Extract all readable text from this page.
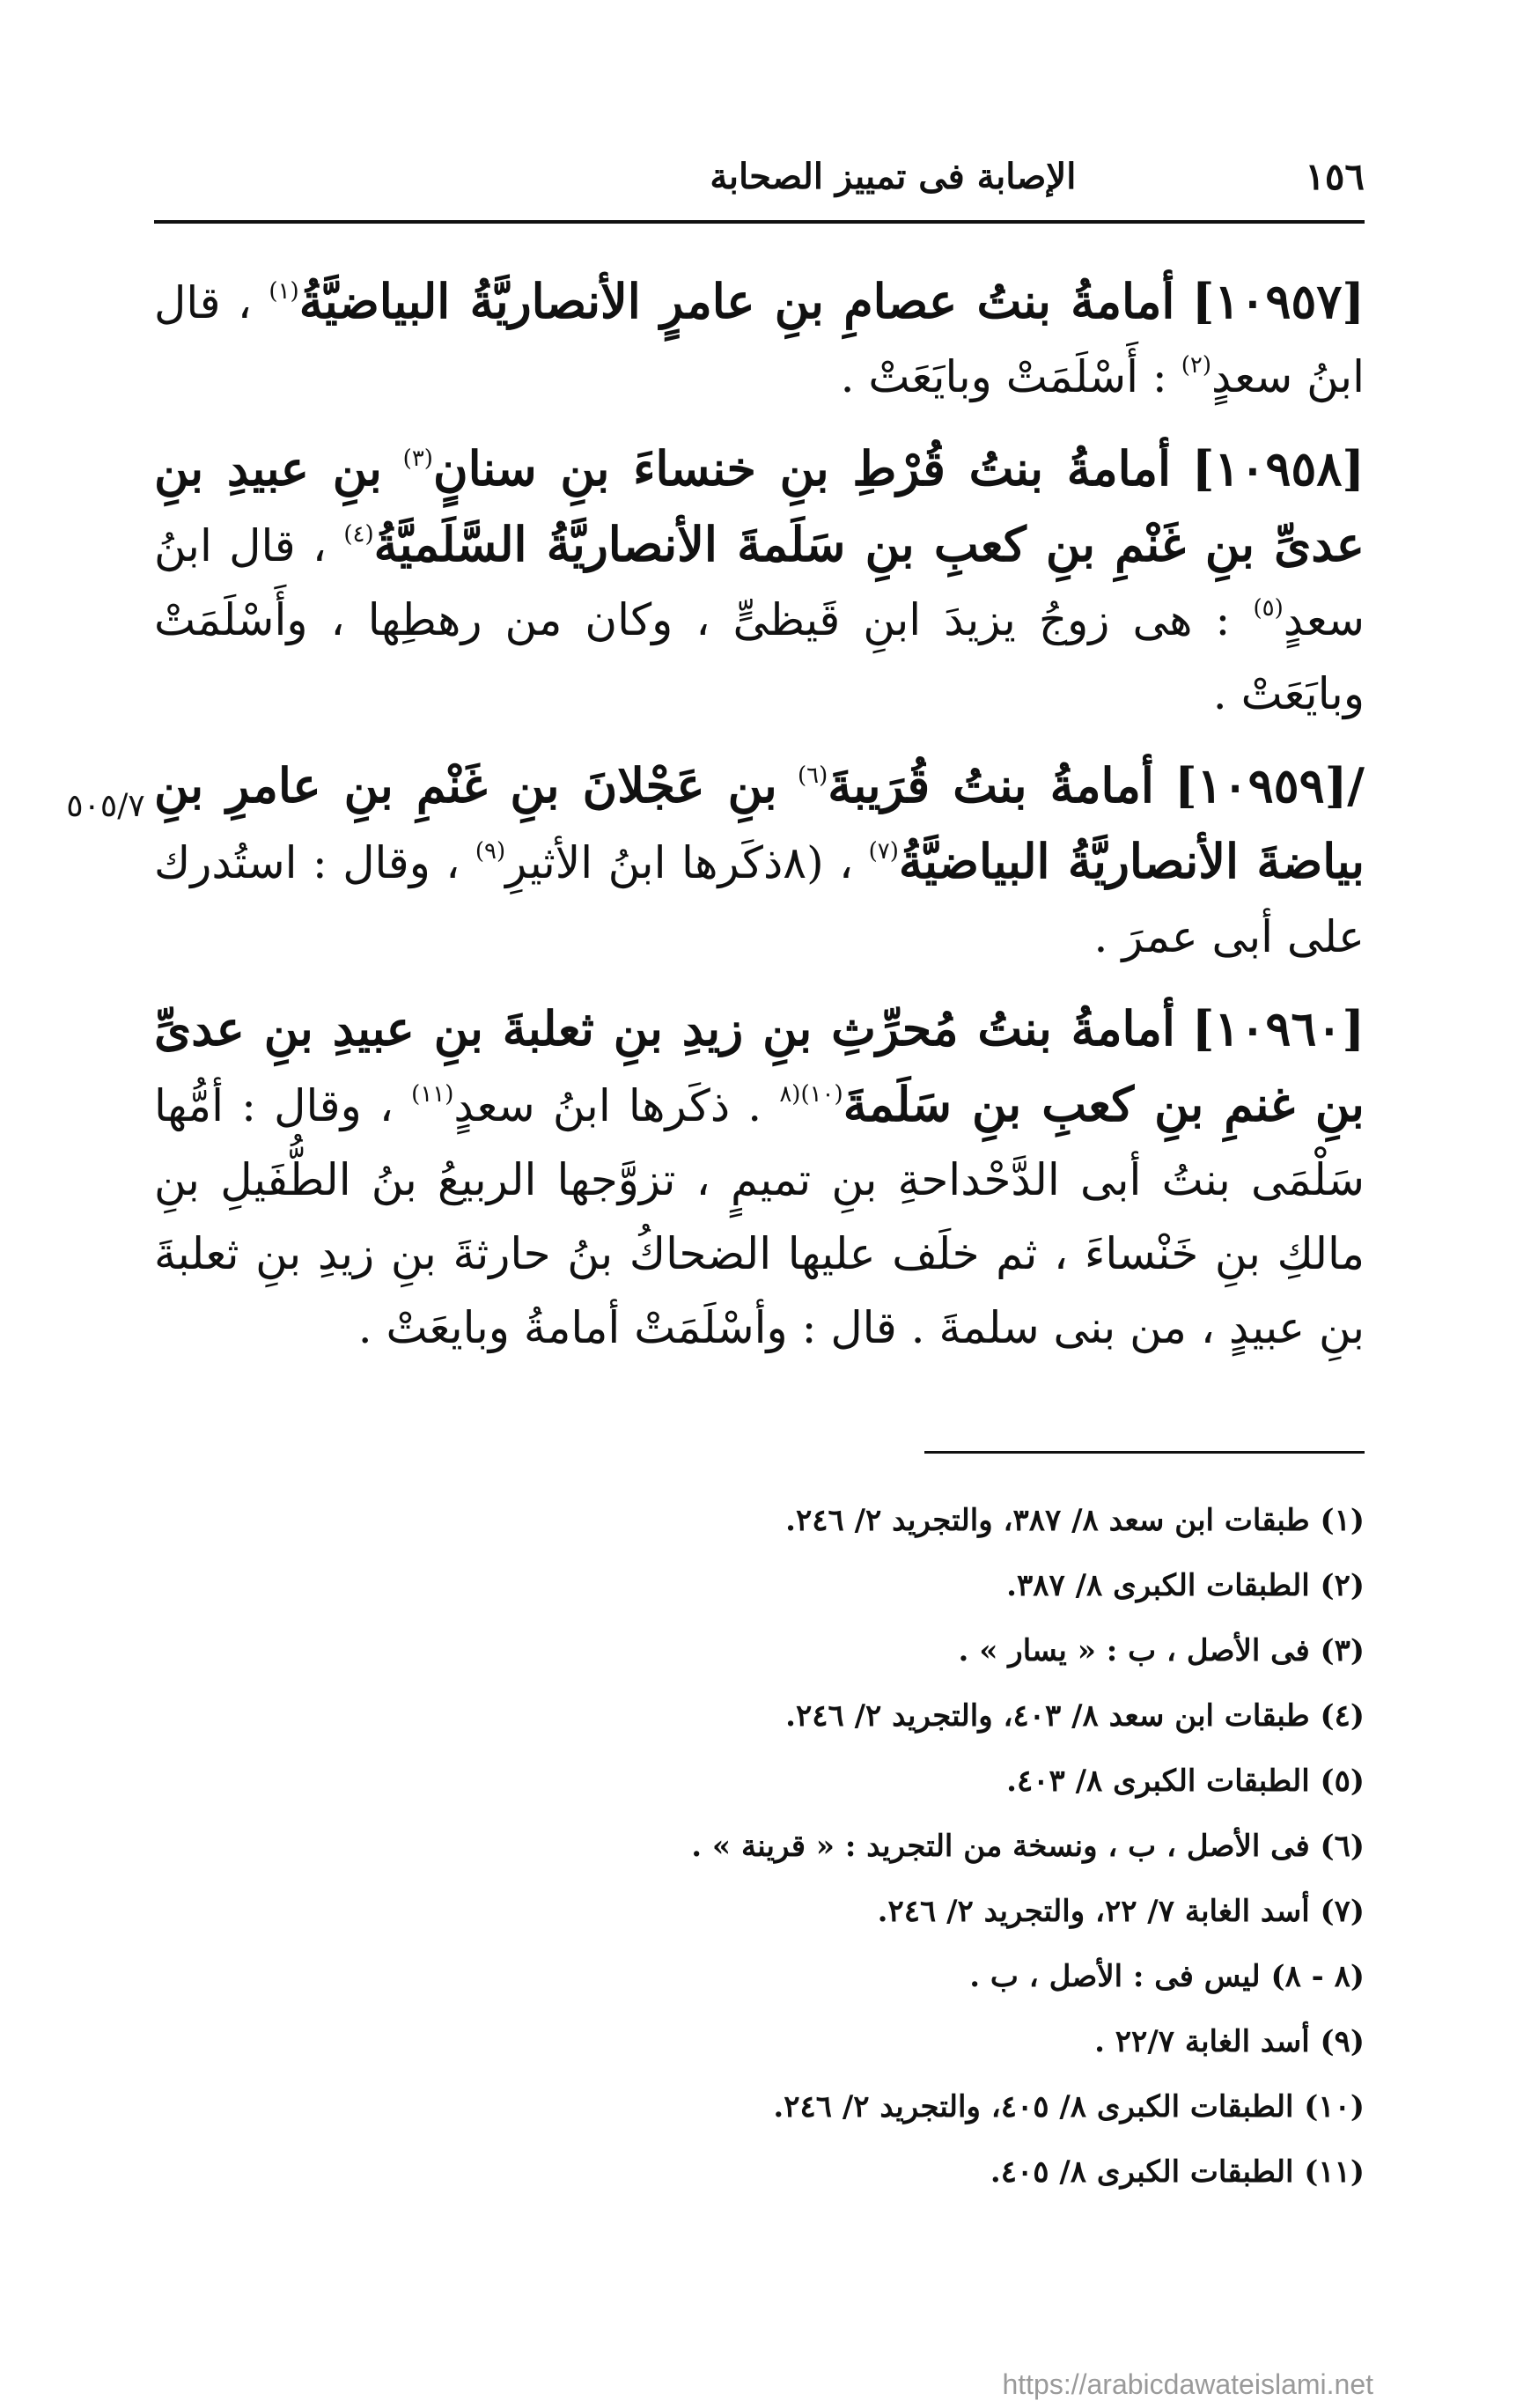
١٥٦
الإصابة فى تمييز الصحابة
٥٠٥/٧

[١٠٩٥٧] أمامةُ بنتُ عصامِ بنِ عامرٍ الأنصاريَّةُ البياضيَّةُ$^{(١)}$ ، قال ابنُ سعدٍ$^{(٢)}$ : أَسْلَمَتْ وبايَعَتْ .

[١٠٩٥٨] أمامةُ بنتُ قُرْطِ بنِ خنساءَ بنِ سنانٍ$^{(٣)}$ بنِ عبيدِ بنِ عدىِّ بنِ غَنْمِ بنِ كعبِ بنِ سَلَمةَ الأنصاريَّةُ السَّلَميَّةُ$^{(٤)}$ ، قال ابنُ سعدٍ$^{(٥)}$ : هى زوجُ يزيدَ ابنِ قَيظىٍّ ، وكان من رهطِها ، وأَسْلَمَتْ وبايَعَتْ .

/[١٠٩٥٩] أمامةُ بنتُ قُرَيبةَ$^{(٦)}$ بنِ عَجْلانَ بنِ غَنْمِ بنِ عامرِ بنِ بياضةَ الأنصاريَّةُ البياضيَّةُ$^{(٧)}$ ، (٨ذكَرها ابنُ الأثيرِ$^{(٩)}$ ، وقال : استُدرك على أبى عمرَ .

[١٠٩٦٠] أمامةُ بنتُ مُحرِّثِ بنِ زيدِ بنِ ثعلبةَ بنِ عبيدِ بنِ عدىِّ بنِ غنمِ بنِ كعبِ بنِ سَلَمةَ$^{(١٠)(٨}$ . ذكَرها ابنُ سعدٍ$^{(١١)}$ ، وقال : أمُّها سَلْمَى بنتُ أبى الدَّحْداحةِ بنِ تميمٍ ، تزوَّجها الربيعُ بنُ الطُّفَيلِ بنِ مالكِ بنِ خَنْساءَ ، ثم خلَف عليها الضحاكُ بنُ حارثةَ بنِ زيدِ بنِ ثعلبةَ بنِ عبيدٍ ، من بنى سلمةَ . قال : وأسْلَمَتْ أمامةُ وبايعَتْ .

(١) طبقات ابن سعد ٨/ ٣٨٧، والتجريد ٢/ ٢٤٦.
(٢) الطبقات الكبرى ٨/ ٣٨٧.
(٣) فى الأصل ، ب : « يسار » .
(٤) طبقات ابن سعد ٨/ ٤٠٣، والتجريد ٢/ ٢٤٦.
(٥) الطبقات الكبرى ٨/ ٤٠٣.
(٦) فى الأصل ، ب ، ونسخة من التجريد : « قرينة » .
(٧) أسد الغابة ٧/ ٢٢، والتجريد ٢/ ٢٤٦.
(٨ - ٨) ليس فى : الأصل ، ب .
(٩) أسد الغابة ٢٢/٧ .
(١٠) الطبقات الكبرى ٨/ ٤٠٥، والتجريد ٢/ ٢٤٦.
(١١) الطبقات الكبرى ٨/ ٤٠٥.
https://arabicdawateislami.net
